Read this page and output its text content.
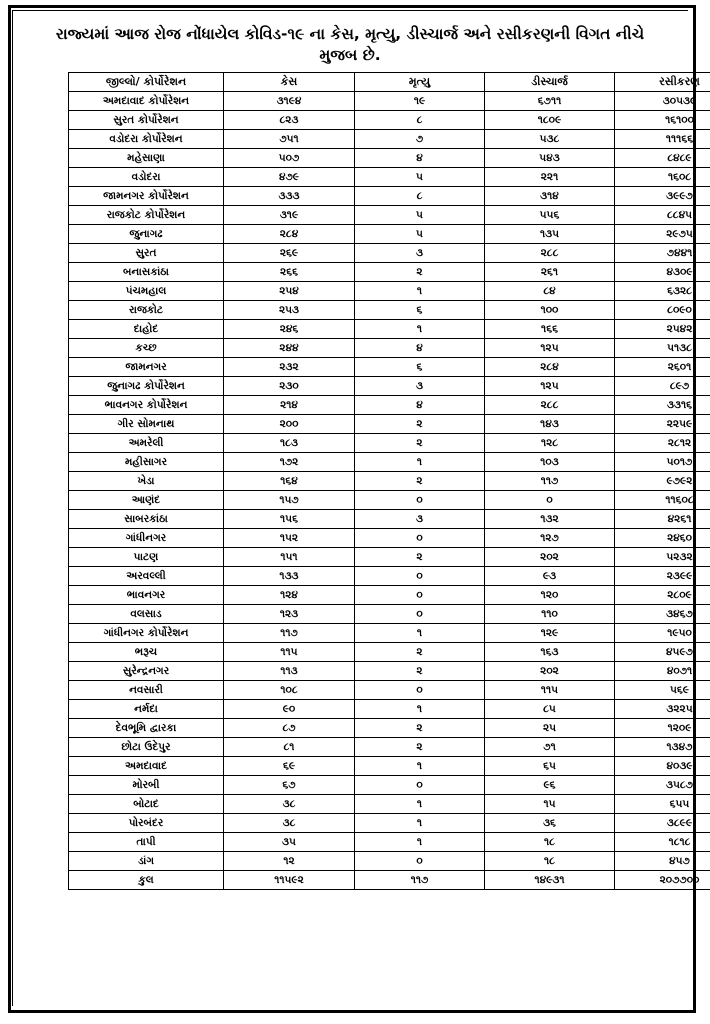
રાજ્યમાં આજ રોજ નોંધાયેલ કોવિડ-૧૯ ના કેસ, મૃત્યુ, ડીસ્ચાર્જ અને રસીકરણની વિગત નીચે મુજબ છે.
જીલ્લો/ કોર્પોરેશન	કેસ	મૃત્યુ	ડીસ્ચાર્જ	રસીકરણ
અમદાવાદ કોર્પોરેશન	૩૧૯૪	૧૯	૬૭૧૧	૩૦૫૩૯
સુરત કોર્પોરેશન	૮૨૩	૮	૧૮૦૯	૧૬૧૦૦
વડોદરા કોર્પોરેશન	૭૫૧	૭	૫૩૮	૧૧૧૬૬
મહેસાણા	૫૦૭	૪	૫૪૩	૮૪૮૯
વડોદરા	૪૭૯	૫	૨૨૧	૧૬૦૮
જામનગર કોર્પોરેશન	૩૩૩	૮	૩૧૪	૩૯૯૭
રાજકોટ કોર્પોરેશન	૩૧૯	૫	૫૫૬	૮૮૪૫
જુનાગઢ	૨૮૪	૫	૧૩૫	૨૯૭૫
સુરત	૨૬૯	૩	૨૮૮	૭૪૪૧
બનાસકાંઠા	૨૬૬	૨	૨૬૧	૪૩૦૯
પંચમહાલ	૨૫૪	૧	૮૪	૬૩૨૮
રાજકોટ	૨૫૩	૬	૧૦૦	૮૦૯૦
દાહોદ	૨૪૬	૧	૧૬૬	૨૫૪૨
કચ્છ	૨૪૪	૪	૧૨૫	૫૧૩૮
જામનગર	૨૩૨	૬	૨૮૪	૨૬૦૧
જુનાગઢ કોર્પોરેશન	૨૩૦	૩	૧૨૫	૮૯૭
ભાવનગર કોર્પોરેશન	૨૧૪	૪	૨૮૮	૩૩૧૬
ગીર સોમનાથ	૨૦૦	૨	૧૪૩	૨૨૫૯
અમરેલી	૧૮૩	૨	૧૨૮	૨૮૧૨
મહીસાગર	૧૭૨	૧	૧૦૩	૫૦૧૭
ખેડા	૧૬૪	૨	૧૧૭	૯૭૯૨
આણંદ	૧૫૭	૦	૦	૧૧૬૦૮
સાબરકાંઠા	૧૫૬	૩	૧૩૨	૪૨૬૧
ગાંધીનગર	૧૫૨	૦	૧૨૭	૨૪૬૦
પાટણ	૧૫૧	૨	૨૦૨	૫૨૩૨
અરવલ્લી	૧૩૩	૦	૯૩	૨૩૯૯
ભાવનગર	૧૨૪	૦	૧૨૦	૨૮૦૯
વલસાડ	૧૨૩	૦	૧૧૦	૩૪૬૭
ગાંધીનગર કોર્પોરેશન	૧૧૭	૧	૧૨૯	૧૯૫૦
ભરૂચ	૧૧૫	૨	૧૬૩	૪૫૯૭
સુરેન્દ્રનગર	૧૧૩	૨	૨૦૨	૪૦૭૧
નવસારી	૧૦૮	૦	૧૧૫	૫૬૯
નર્મદા	૯૦	૧	૮૫	૩૨૨૫
દેવભૂમિ દ્વારકા	૮૭	૨	૨૫	૧૨૦૯
છોટા ઉદેપુર	૮૧	૨	૭૧	૧૩૪૭
અમદાવાદ	૬૯	૧	૬૫	૪૦૩૯
મોરબી	૬૭	૦	૯૬	૩૫૮૭
બોટાદ	૩૮	૧	૧૫	૬૫૫
પોરબંદર	૩૮	૧	૩૬	૩૮૯૯
તાપી	૩૫	૧	૧૮	૧૮૧૮
ડાંગ	૧૨	૦	૧૮	૪૫૭
કુલ	૧૧૫૯૨	૧૧૭	૧૪૯૩૧	૨૦૭૭૦૦
